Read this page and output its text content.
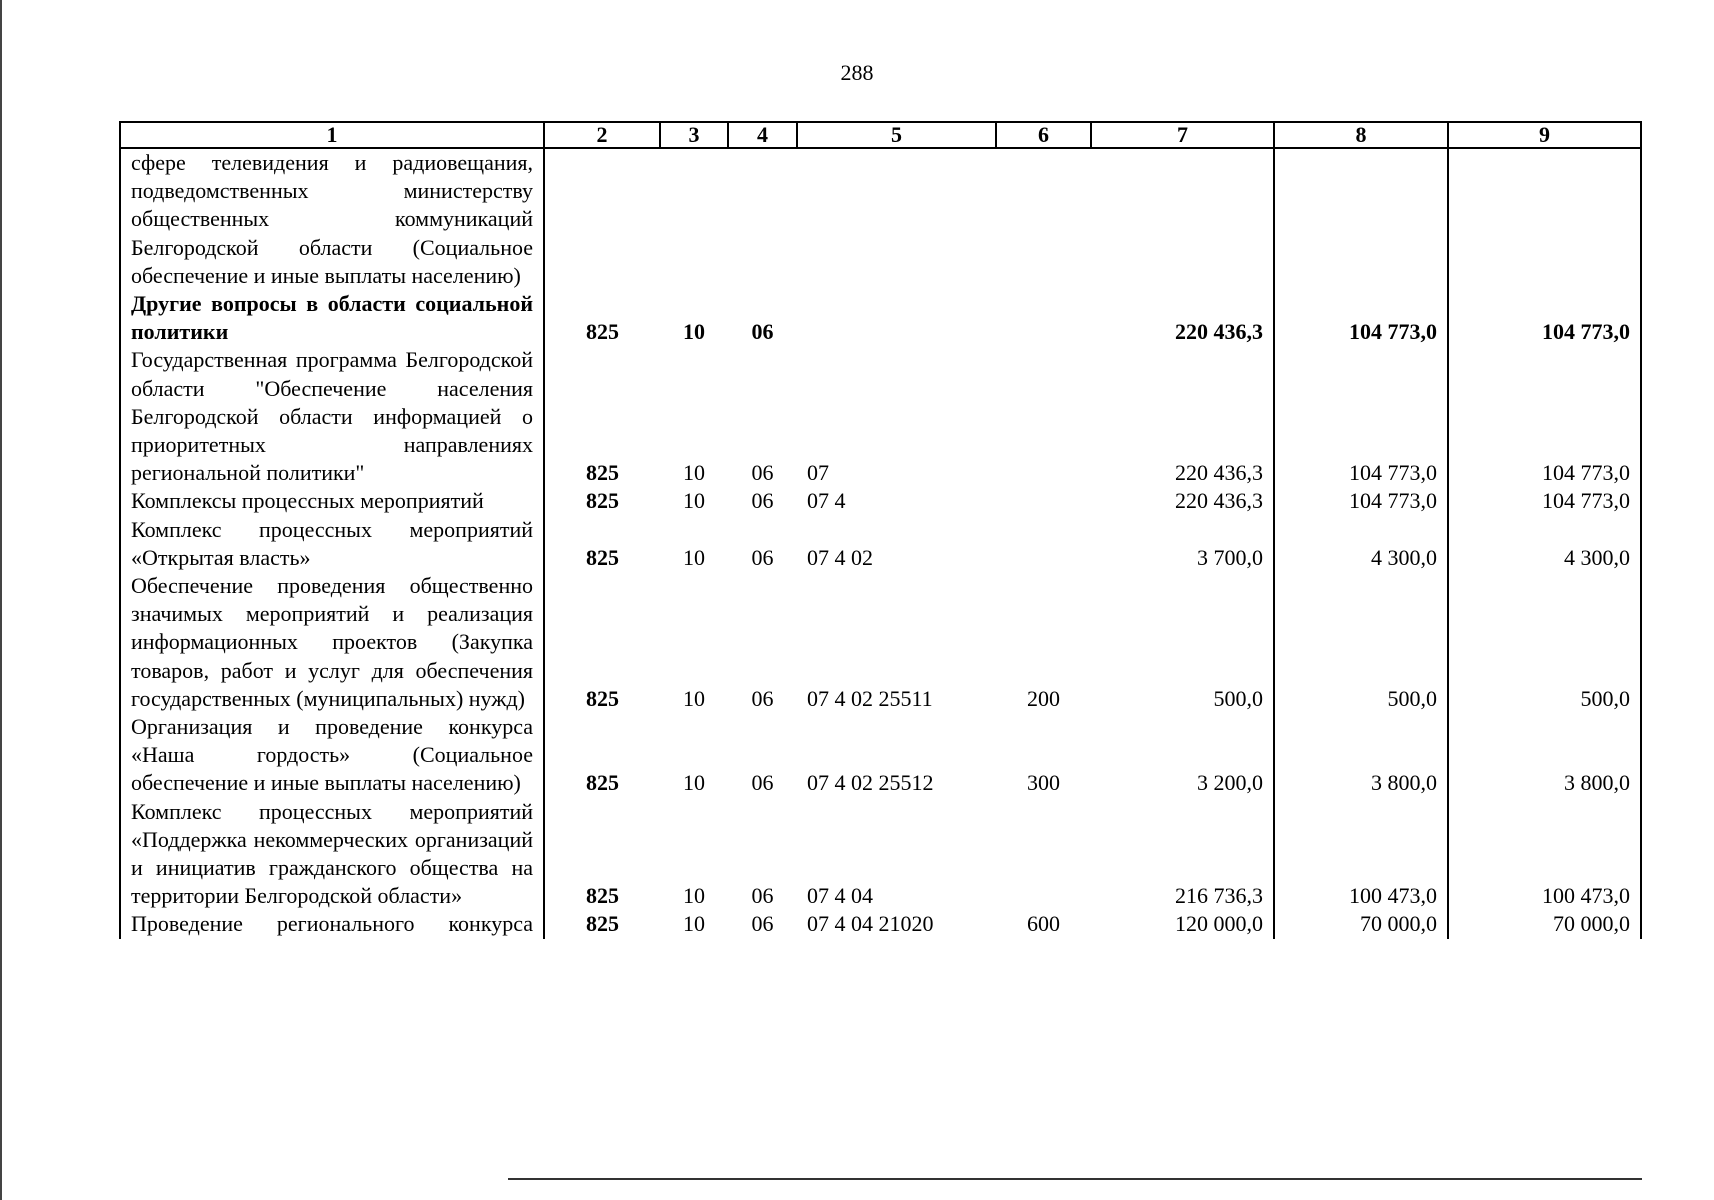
288
1	2	3	4	5	6	7	8	9
сфере телевидения и радиовещания, подведомственных министерству общественных коммуникаций Белгородской области (Социальное обеспечение и иные выплаты населению)								
Другие вопросы в области социальной политики	825	10	06			220 436,3	104 773,0	104 773,0
Государственная программа Белгородской области "Обеспечение населения Белгородской области информацией о приоритетных направлениях региональной политики"	825	10	06	07		220 436,3	104 773,0	104 773,0
Комплексы процессных мероприятий	825	10	06	07 4		220 436,3	104 773,0	104 773,0
Комплекс процессных мероприятий «Открытая власть»	825	10	06	07 4 02		3 700,0	4 300,0	4 300,0
Обеспечение проведения общественно значимых мероприятий и реализация информационных проектов (Закупка товаров, работ и услуг для обеспечения государственных (муниципальных) нужд)	825	10	06	07 4 02 25511	200	500,0	500,0	500,0
Организация и проведение конкурса «Наша гордость» (Социальное обеспечение и иные выплаты населению)	825	10	06	07 4 02 25512	300	3 200,0	3 800,0	3 800,0
Комплекс процессных мероприятий «Поддержка некоммерческих организаций и инициатив гражданского общества на территории Белгородской области»	825	10	06	07 4 04		216 736,3	100 473,0	100 473,0
Проведение регионального конкурса	825	10	06	07 4 04 21020	600	120 000,0	70 000,0	70 000,0
